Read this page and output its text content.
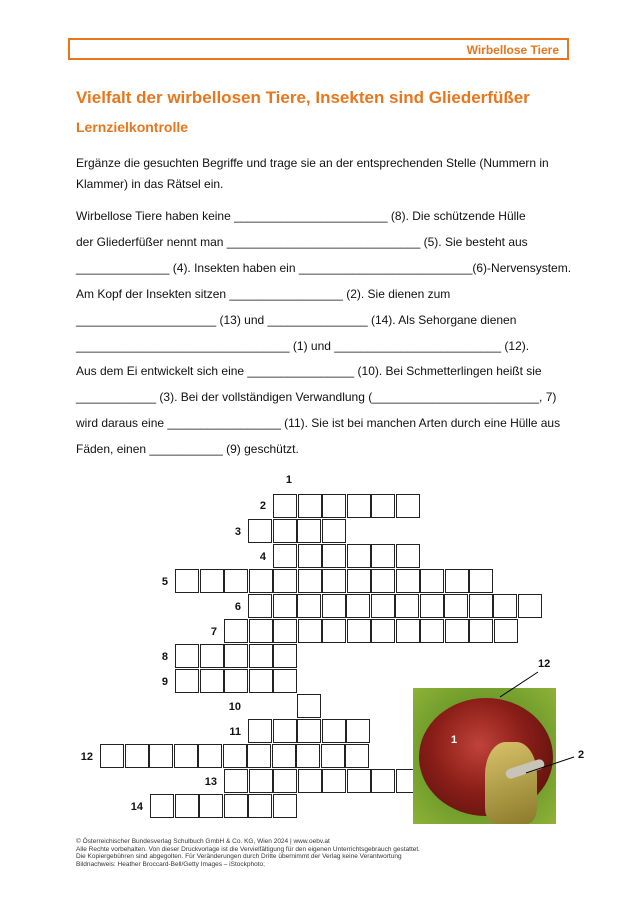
Wirbellose Tiere
Vielfalt der wirbellosen Tiere, Insekten sind Gliederfüßer
Lernzielkontrolle
Ergänze die gesuchten Begriffe und trage sie an der entsprechenden Stelle (Nummern in Klammer) in das Rätsel ein.
Wirbellose Tiere haben keine _______________________ (8). Die schützende Hülle
der Gliederfüßer nennt man _____________________________ (5). Sie besteht aus
______________ (4). Insekten haben ein __________________________(6)-Nervensystem.
Am Kopf der Insekten sitzen _________________ (2). Sie dienen zum
_____________________ (13) und _______________ (14). Als Sehorgane dienen
________________________________ (1) und _________________________ (12).
Aus dem Ei entwickelt sich eine ________________ (10). Bei Schmetterlingen heißt sie
____________ (3). Bei der vollständigen Verwandlung (_________________________, 7)
wird daraus eine _________________ (11). Sie ist bei manchen Arten durch eine Hülle aus
Fäden, einen ___________ (9) geschützt.
1
2
3
4
5
6
7
8
9
10
11
12
13
14
1
12
2
© Österreichischer Bundesverlag Schulbuch GmbH & Co. KG, Wien 2024 | www.oebv.at
Alle Rechte vorbehalten. Von dieser Druckvorlage ist die Vervielfältigung für den eigenen Unterrichtsgebrauch gestattet.
Die Kopiergebühren sind abgegolten. Für Veränderungen durch Dritte übernimmt der Verlag keine Verantwortung
Bildnachweis: Heather Broccard-Bell/Getty Images – iStockphoto;
